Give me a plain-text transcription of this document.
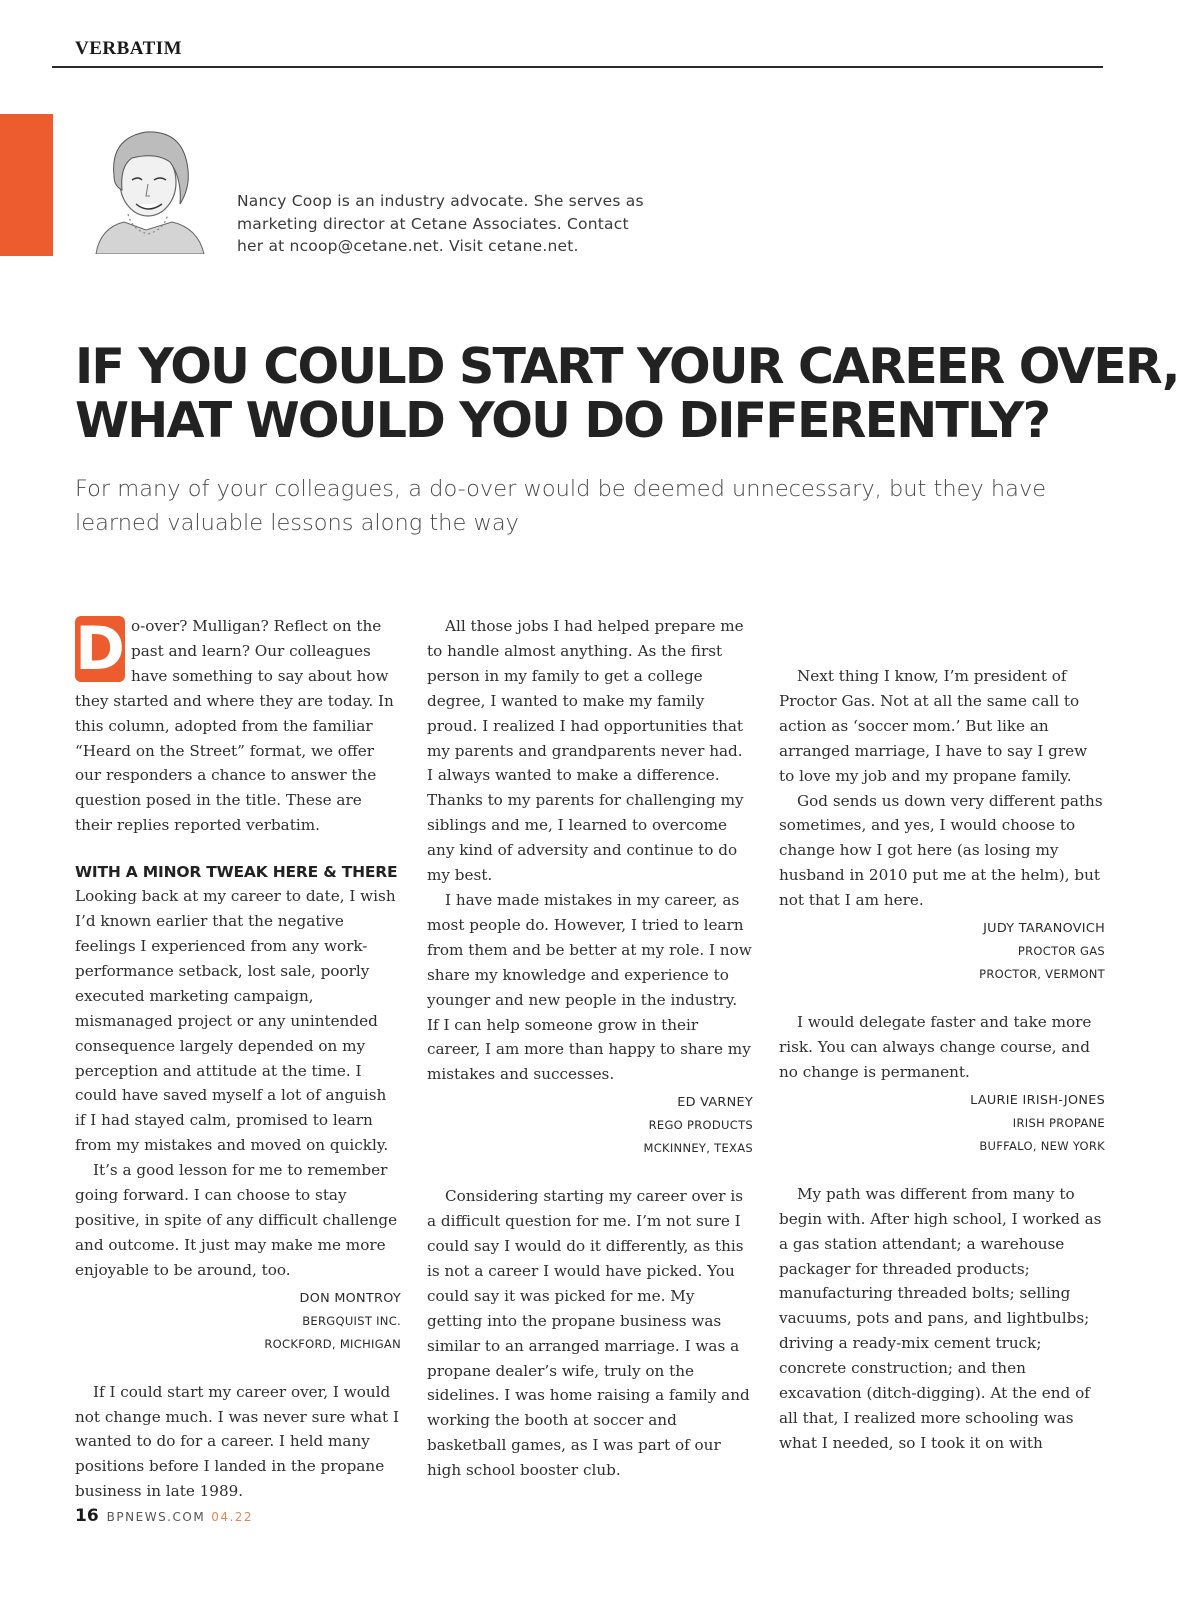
VERBATIM
Nancy Coop is an industry advocate. She serves as
marketing director at Cetane Associates. Contact
her at ncoop@cetane.net. Visit cetane.net.
IF YOU COULD START YOUR CAREER OVER,
WHAT WOULD YOU DO DIFFERENTLY?
For many of your colleagues, a do-over would be deemed unnecessary, but they have learned valuable lessons along the way
D o-over? Mulligan? Reflect on the past and learn? Our colleagues have something to say about how they started and where they are today. In this column, adopted from the familiar “Heard on the Street” format, we offer our responders a chance to answer the question posed in the title. These are their replies reported verbatim.

WITH A MINOR TWEAK HERE & THERE

Looking back at my career to date, I wish I’d known earlier that the negative feelings I experienced from any work-performance setback, lost sale, poorly executed marketing campaign, mismanaged project or any unintended consequence largely depended on my perception and attitude at the time. I could have saved myself a lot of anguish if I had stayed calm, promised to learn from my mistakes and moved on quickly.

It’s a good lesson for me to remember going forward. I can choose to stay positive, in spite of any difficult challenge and outcome. It just may make me more enjoyable to be around, too.

DON MONTROY
BERGQUIST INC.
ROCKFORD, MICHIGAN

If I could start my career over, I would not change much. I was never sure what I wanted to do for a career. I held many positions before I landed in the propane business in late 1989.

All those jobs I had helped prepare me to handle almost anything. As the first person in my family to get a college degree, I wanted to make my family proud. I realized I had opportunities that my parents and grandparents never had. I always wanted to make a difference. Thanks to my parents for challenging my siblings and me, I learned to overcome any kind of adversity and continue to do my best.

I have made mistakes in my career, as most people do. However, I tried to learn from them and be better at my role. I now share my knowledge and experience to younger and new people in the industry. If I can help someone grow in their career, I am more than happy to share my mistakes and successes.

ED VARNEY
REGO PRODUCTS
MCKINNEY, TEXAS

Considering starting my career over is a difficult question for me. I’m not sure I could say I would do it differently, as this is not a career I would have picked. You could say it was picked for me. My getting into the propane business was similar to an arranged marriage. I was a propane dealer’s wife, truly on the sidelines. I was home raising a family and working the booth at soccer and basketball games, as I was part of our high school booster club.

Next thing I know, I’m president of Proctor Gas. Not at all the same call to action as ‘soccer mom.’ But like an arranged marriage, I have to say I grew to love my job and my propane family.

God sends us down very different paths sometimes, and yes, I would choose to change how I got here (as losing my husband in 2010 put me at the helm), but not that I am here.

JUDY TARANOVICH
PROCTOR GAS
PROCTOR, VERMONT

I would delegate faster and take more risk. You can always change course, and no change is permanent.

LAURIE IRISH-JONES
IRISH PROPANE
BUFFALO, NEW YORK

My path was different from many to begin with. After high school, I worked as a gas station attendant; a warehouse packager for threaded products; manufacturing threaded bolts; selling vacuums, pots and pans, and lightbulbs; driving a ready-mix cement truck; concrete construction; and then excavation (ditch-digging). At the end of all that, I realized more schooling was what I needed, so I took it on with

16 BPNEWS.COM 04.22
